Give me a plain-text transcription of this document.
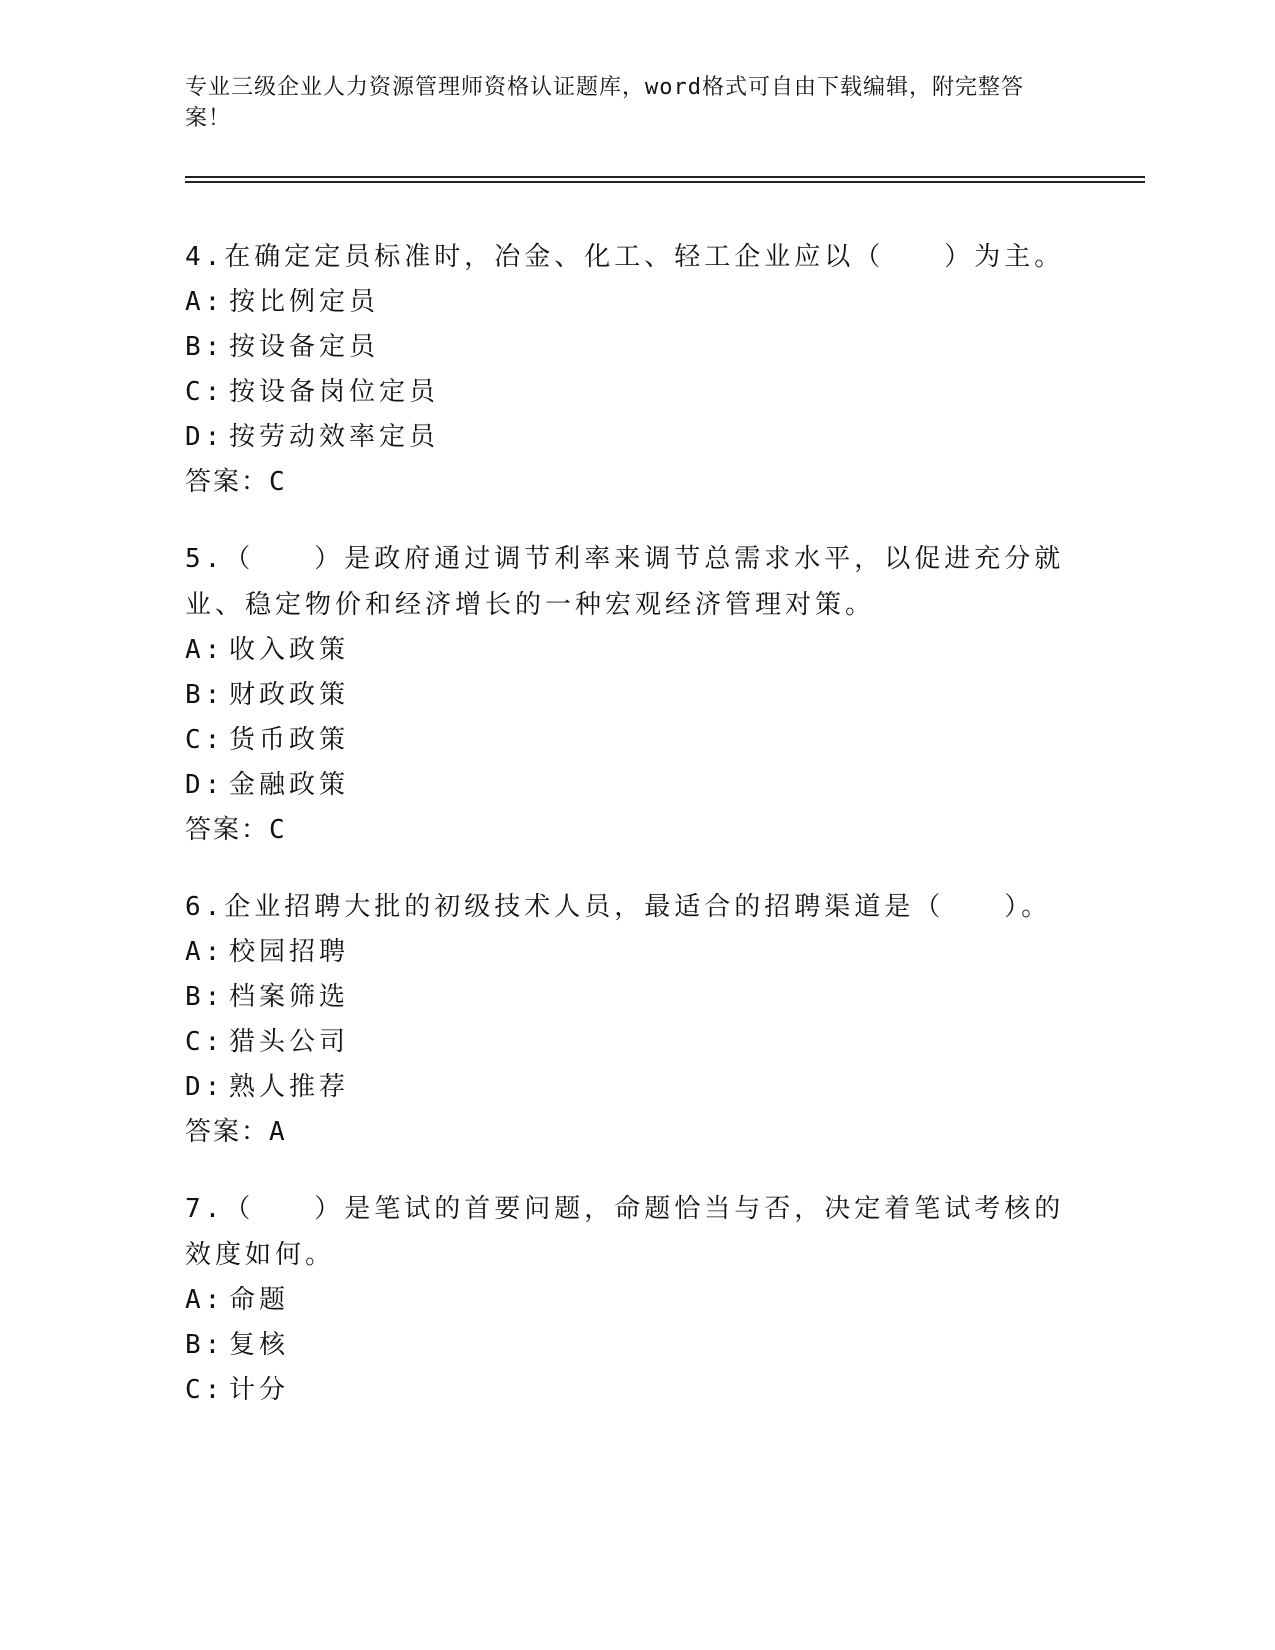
专业三级企业人力资源管理师资格认证题库，word格式可自由下载编辑，附完整答案！
4.在确定定员标准时，冶金、化工、轻工企业应以（　　）为主。
A: 按比例定员
B: 按设备定员
C: 按设备岗位定员
D: 按劳动效率定员
答案：C
5.（　　）是政府通过调节利率来调节总需求水平，以促进充分就业、稳定物价和经济增长的一种宏观经济管理对策。
A: 收入政策
B: 财政政策
C: 货币政策
D: 金融政策
答案：C
6.企业招聘大批的初级技术人员，最适合的招聘渠道是（　　）。
A: 校园招聘
B: 档案筛选
C: 猎头公司
D: 熟人推荐
答案：A
7.（　　）是笔试的首要问题，命题恰当与否，决定着笔试考核的效度如何。
A: 命题
B: 复核
C: 计分
